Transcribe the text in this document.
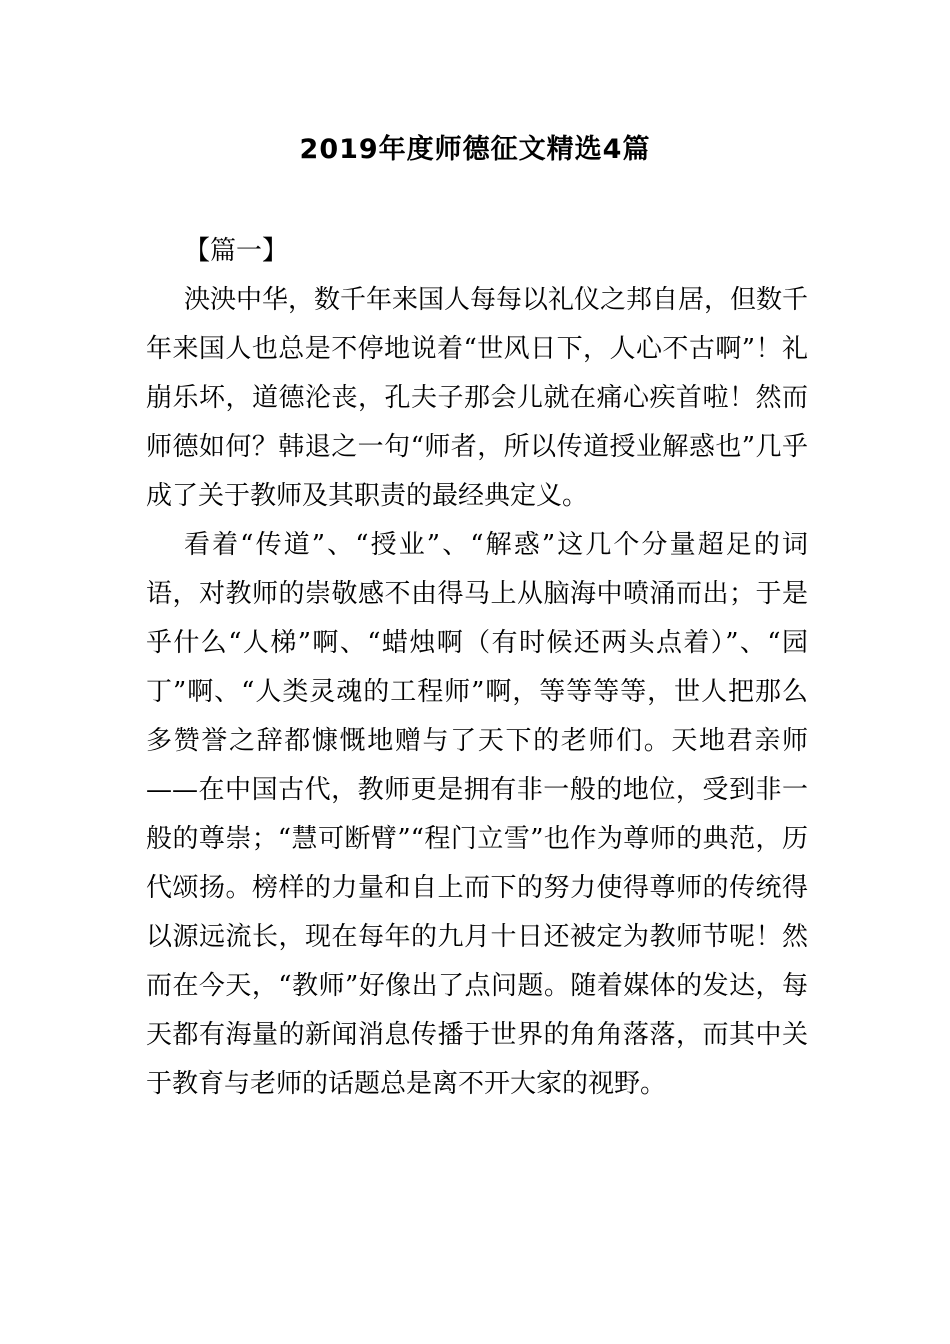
2019年度师德征文精选4篇

【篇一】

泱泱中华，数千年来国人每每以礼仪之邦自居，但数千年来国人也总是不停地说着“世风日下，人心不古啊”！礼崩乐坏，道德沦丧，孔夫子那会儿就在痛心疾首啦！然而师德如何？韩退之一句“师者，所以传道授业解惑也”几乎成了关于教师及其职责的最经典定义。

看着“传道”、“授业”、“解惑”这几个分量超足的词语，对教师的崇敬感不由得马上从脑海中喷涌而出；于是乎什么“人梯”啊、“蜡烛啊（有时候还两头点着）”、“园丁”啊、“人类灵魂的工程师”啊，等等等等，世人把那么多赞誉之辞都慷慨地赠与了天下的老师们。天地君亲师——在中国古代，教师更是拥有非一般的地位，受到非一般的尊崇；“慧可断臂”“程门立雪”也作为尊师的典范，历代颂扬。榜样的力量和自上而下的努力使得尊师的传统得以源远流长，现在每年的九月十日还被定为教师节呢！然而在今天，“教师”好像出了点问题。随着媒体的发达，每天都有海量的新闻消息传播于世界的角角落落，而其中关于教育与老师的话题总是离不开大家的视野。
